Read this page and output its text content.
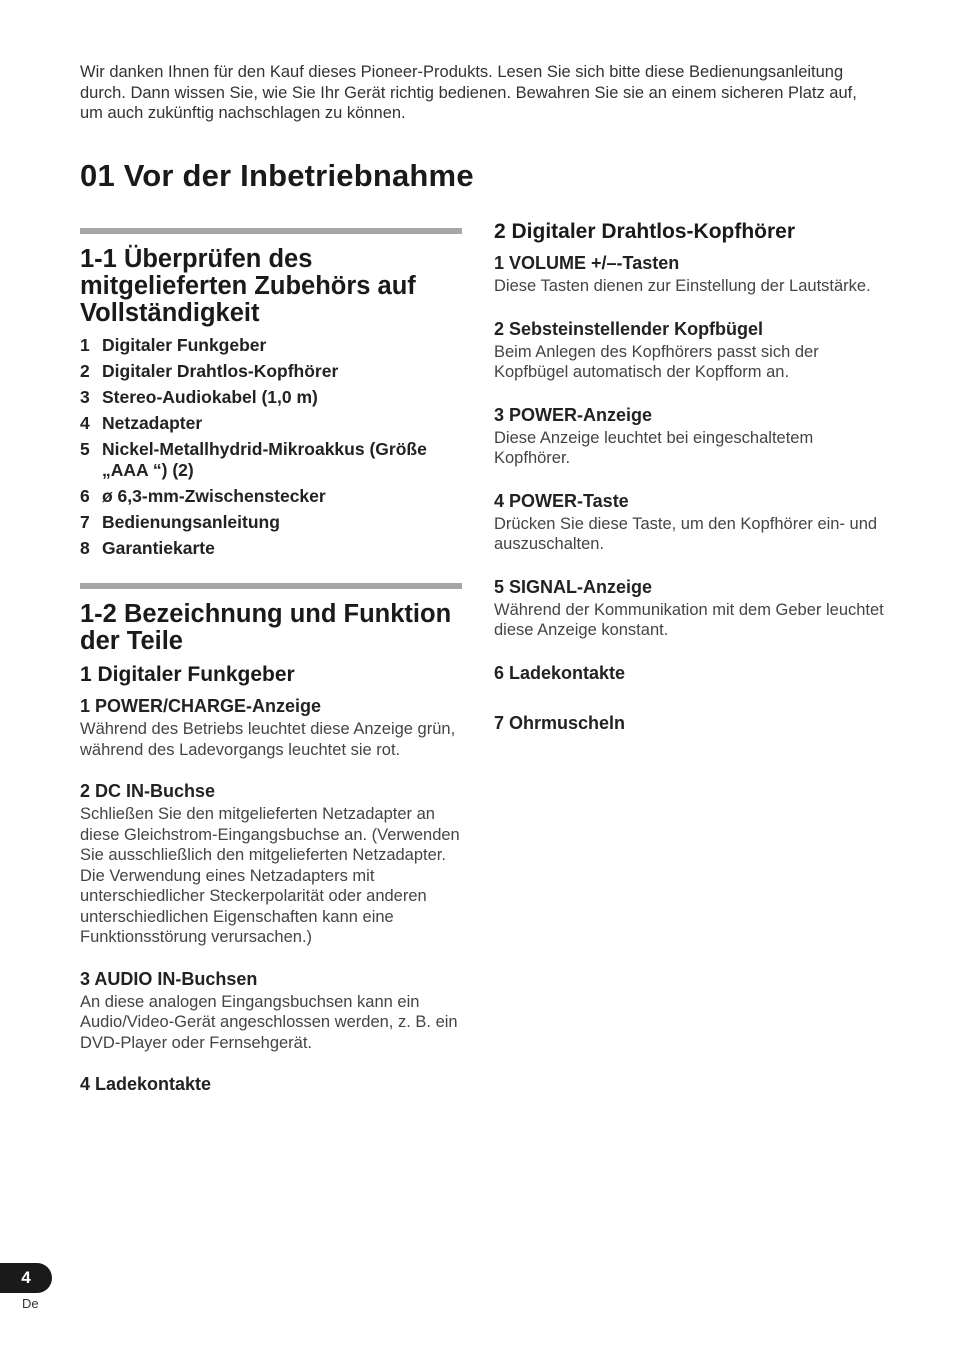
Wir danken Ihnen für den Kauf dieses Pioneer-Produkts. Lesen Sie sich bitte diese Bedienungsanleitung durch. Dann wissen Sie, wie Sie Ihr Gerät richtig bedienen. Bewahren Sie sie an einem sicheren Platz auf, um auch zukünftig nachschlagen zu können.

01 Vor der Inbetriebnahme
1-1 Überprüfen des mitgelieferten Zubehörs auf Vollständigkeit
1 Digitaler Funkgeber
2 Digitaler Drahtlos-Kopfhörer
3 Stereo-Audiokabel (1,0 m)
4 Netzadapter
5 Nickel-Metallhydrid-Mikroakkus (Größe „AAA “) (2)
6 ø 6,3-mm-Zwischenstecker
7 Bedienungsanleitung
8 Garantiekarte
1-2 Bezeichnung und Funktion der Teile
1 Digitaler Funkgeber

1 POWER/CHARGE-Anzeige

Während des Betriebs leuchtet diese Anzeige grün, während des Ladevorgangs leuchtet sie rot.

2 DC IN-Buchse

Schließen Sie den mitgelieferten Netzadapter an diese Gleichstrom-Eingangsbuchse an. (Verwenden Sie ausschließlich den mitgelieferten Netzadapter. Die Verwendung eines Netzadapters mit unterschiedlicher Steckerpolarität oder anderen unterschiedlichen Eigenschaften kann eine Funktionsstörung verursachen.)

3 AUDIO IN-Buchsen

An diese analogen Eingangsbuchsen kann ein Audio/Video-Gerät angeschlossen werden, z. B. ein DVD-Player oder Fernsehgerät.

4 Ladekontakte

2 Digitaler Drahtlos-Kopfhörer

1 VOLUME +/–-Tasten

Diese Tasten dienen zur Einstellung der Lautstärke.

2 Sebsteinstellender Kopfbügel

Beim Anlegen des Kopfhörers passt sich der Kopfbügel automatisch der Kopfform an.

3 POWER-Anzeige

Diese Anzeige leuchtet bei eingeschaltetem Kopfhörer.

4 POWER-Taste

Drücken Sie diese Taste, um den Kopfhörer ein- und auszuschalten.

5 SIGNAL-Anzeige

Während der Kommunikation mit dem Geber leuchtet diese Anzeige konstant.

6 Ladekontakte

7 Ohrmuscheln

4
De
